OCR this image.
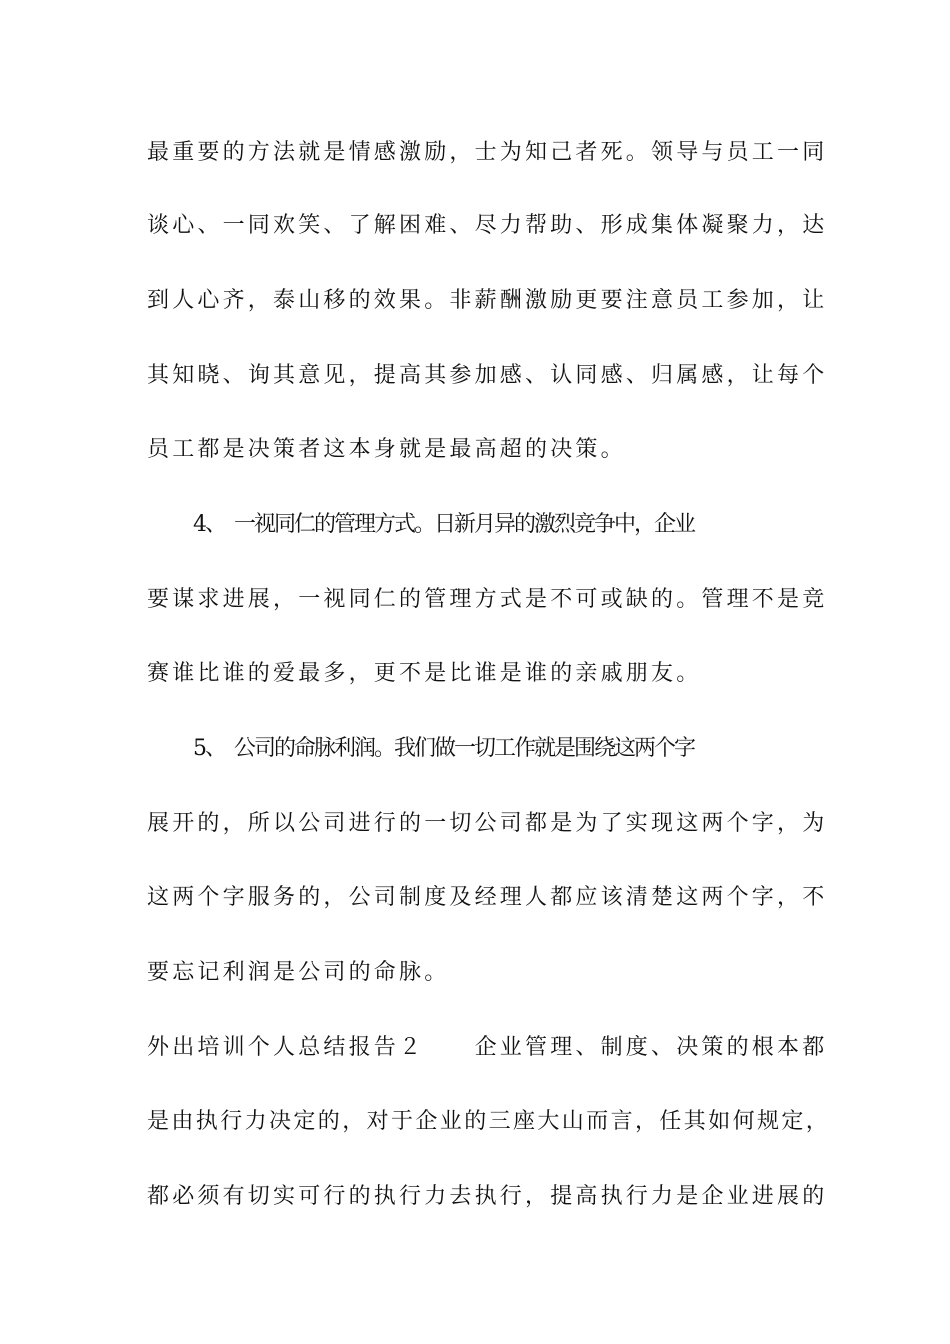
最重要的方法就是情感激励，士为知己者死。领导与员工一同
谈心、一同欢笑、了解困难、尽力帮助、形成集体凝聚力，达
到人心齐，泰山移的效果。非薪酬激励更要注意员工参加，让
其知晓、询其意见，提高其参加感、认同感、归属感，让每个
员工都是决策者这本身就是最高超的决策。
4、　一视同仁的管理方式。日新月异的激烈竞争中，企业
要谋求进展，一视同仁的管理方式是不可或缺的。管理不是竞
赛谁比谁的爱最多，更不是比谁是谁的亲戚朋友。
5、　公司的命脉利润。我们做一切工作就是围绕这两个字
展开的，所以公司进行的一切公司都是为了实现这两个字，为
这两个字服务的，公司制度及经理人都应该清楚这两个字，不
要忘记利润是公司的命脉。
外出培训个人总结报告２　　企业管理、制度、决策的根本都
是由执行力决定的，对于企业的三座大山而言，任其如何规定，
都必须有切实可行的执行力去执行，提高执行力是企业进展的
